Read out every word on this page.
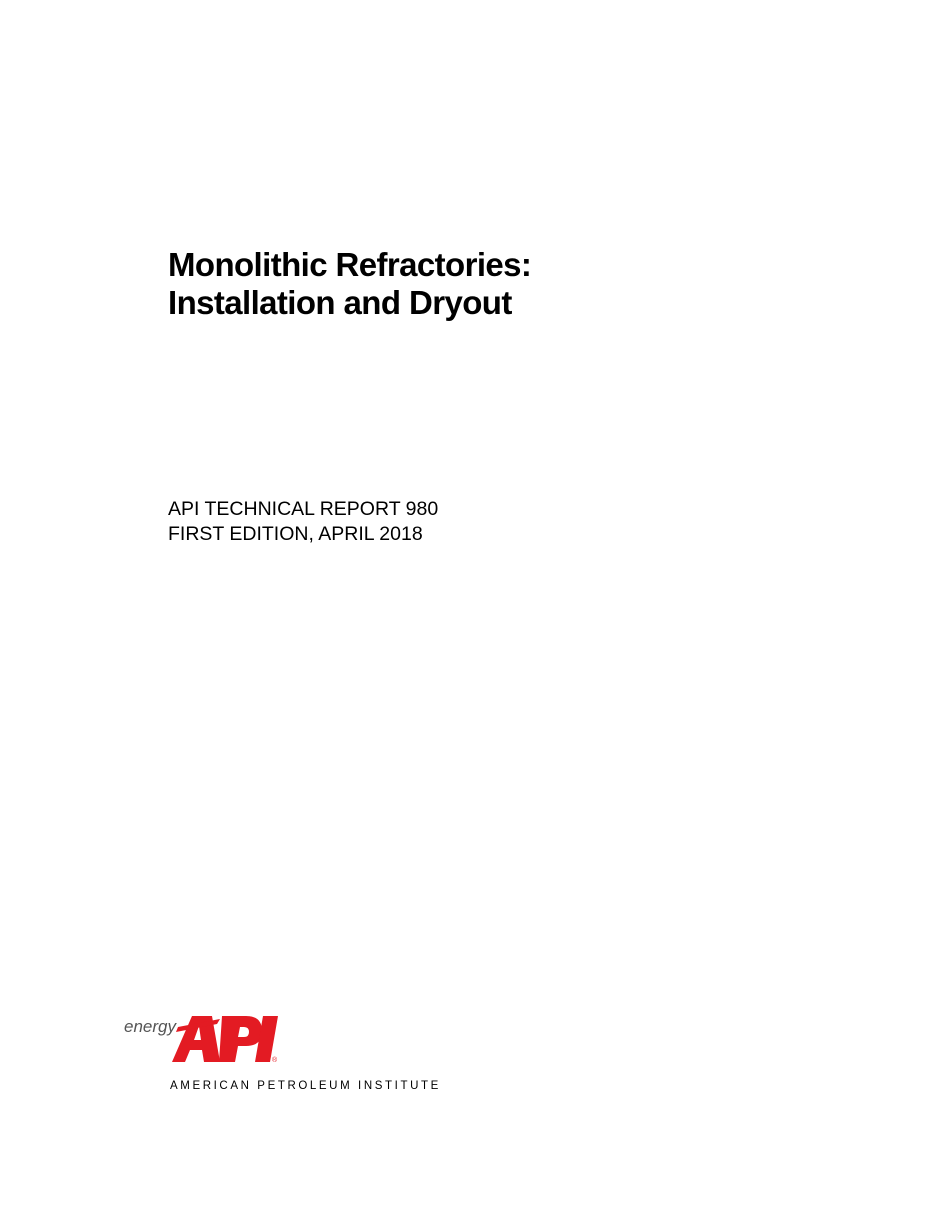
Monolithic Refractories:
Installation and Dryout
API TECHNICAL REPORT 980
FIRST EDITION, APRIL 2018
energy
®
AMERICAN PETROLEUM INSTITUTE
